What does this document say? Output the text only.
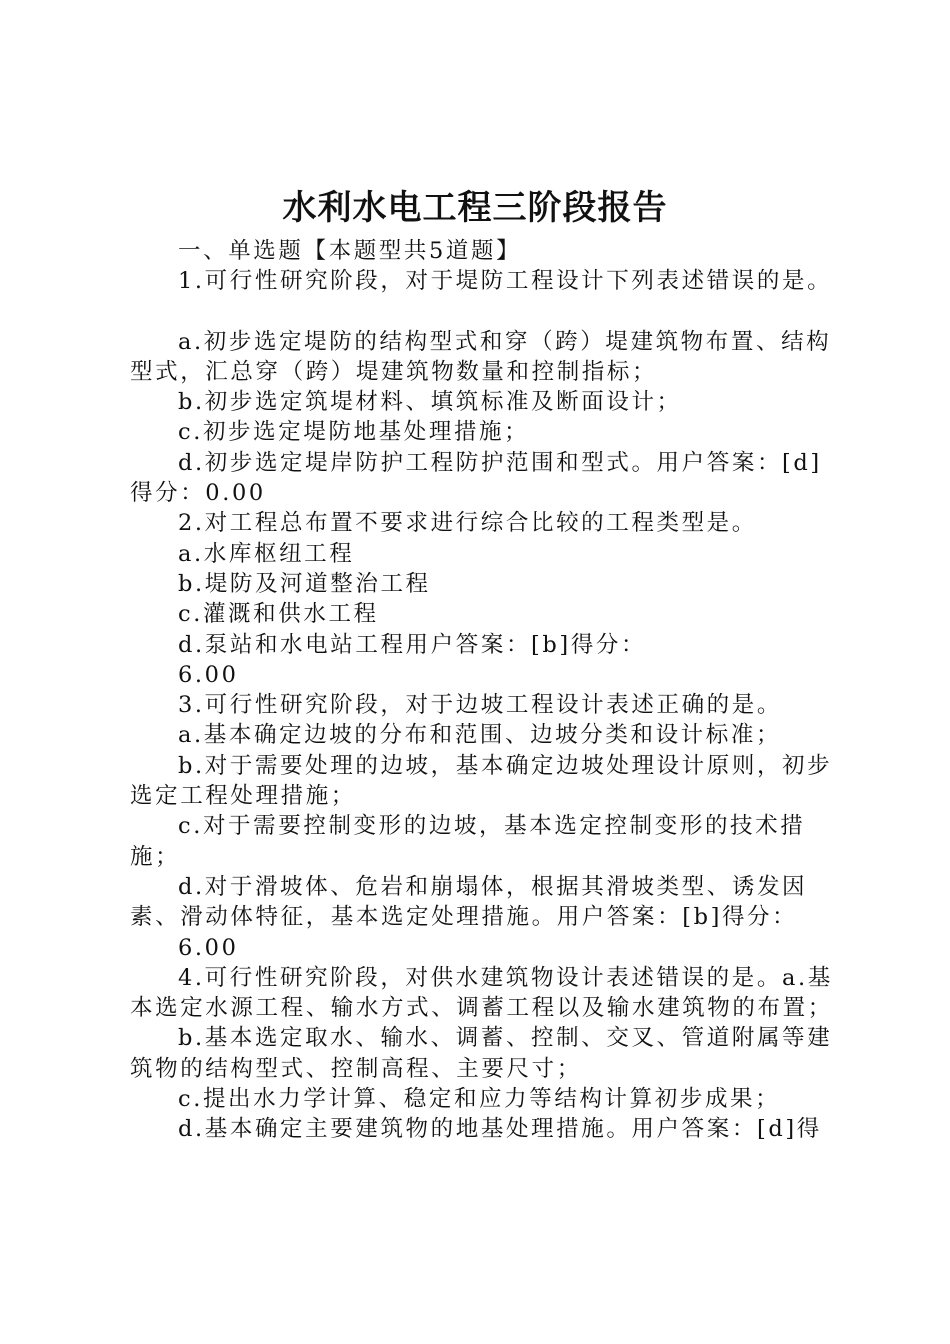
水利水电工程三阶段报告

一、单选题【本题型共5道题】

1.可行性研究阶段，对于堤防工程设计下列表述错误的是。

a.初步选定堤防的结构型式和穿（跨）堤建筑物布置、结构型式，汇总穿（跨）堤建筑物数量和控制指标；

b.初步选定筑堤材料、填筑标准及断面设计；

c.初步选定堤防地基处理措施；

d.初步选定堤岸防护工程防护范围和型式。用户答案：[d]得分：0.00

2.对工程总布置不要求进行综合比较的工程类型是。

a.水库枢纽工程

b.堤防及河道整治工程

c.灌溉和供水工程

d.泵站和水电站工程用户答案：[b]得分：

6.00

3.可行性研究阶段，对于边坡工程设计表述正确的是。

a.基本确定边坡的分布和范围、边坡分类和设计标准；

b.对于需要处理的边坡，基本确定边坡处理设计原则，初步选定工程处理措施；

c.对于需要控制变形的边坡，基本选定控制变形的技术措施；

d.对于滑坡体、危岩和崩塌体，根据其滑坡类型、诱发因素、滑动体特征，基本选定处理措施。用户答案：[b]得分：

6.00

4.可行性研究阶段，对供水建筑物设计表述错误的是。a.基本选定水源工程、输水方式、调蓄工程以及输水建筑物的布置；

b.基本选定取水、输水、调蓄、控制、交叉、管道附属等建筑物的结构型式、控制高程、主要尺寸；

c.提出水力学计算、稳定和应力等结构计算初步成果；

d.基本确定主要建筑物的地基处理措施。用户答案：[d]得
